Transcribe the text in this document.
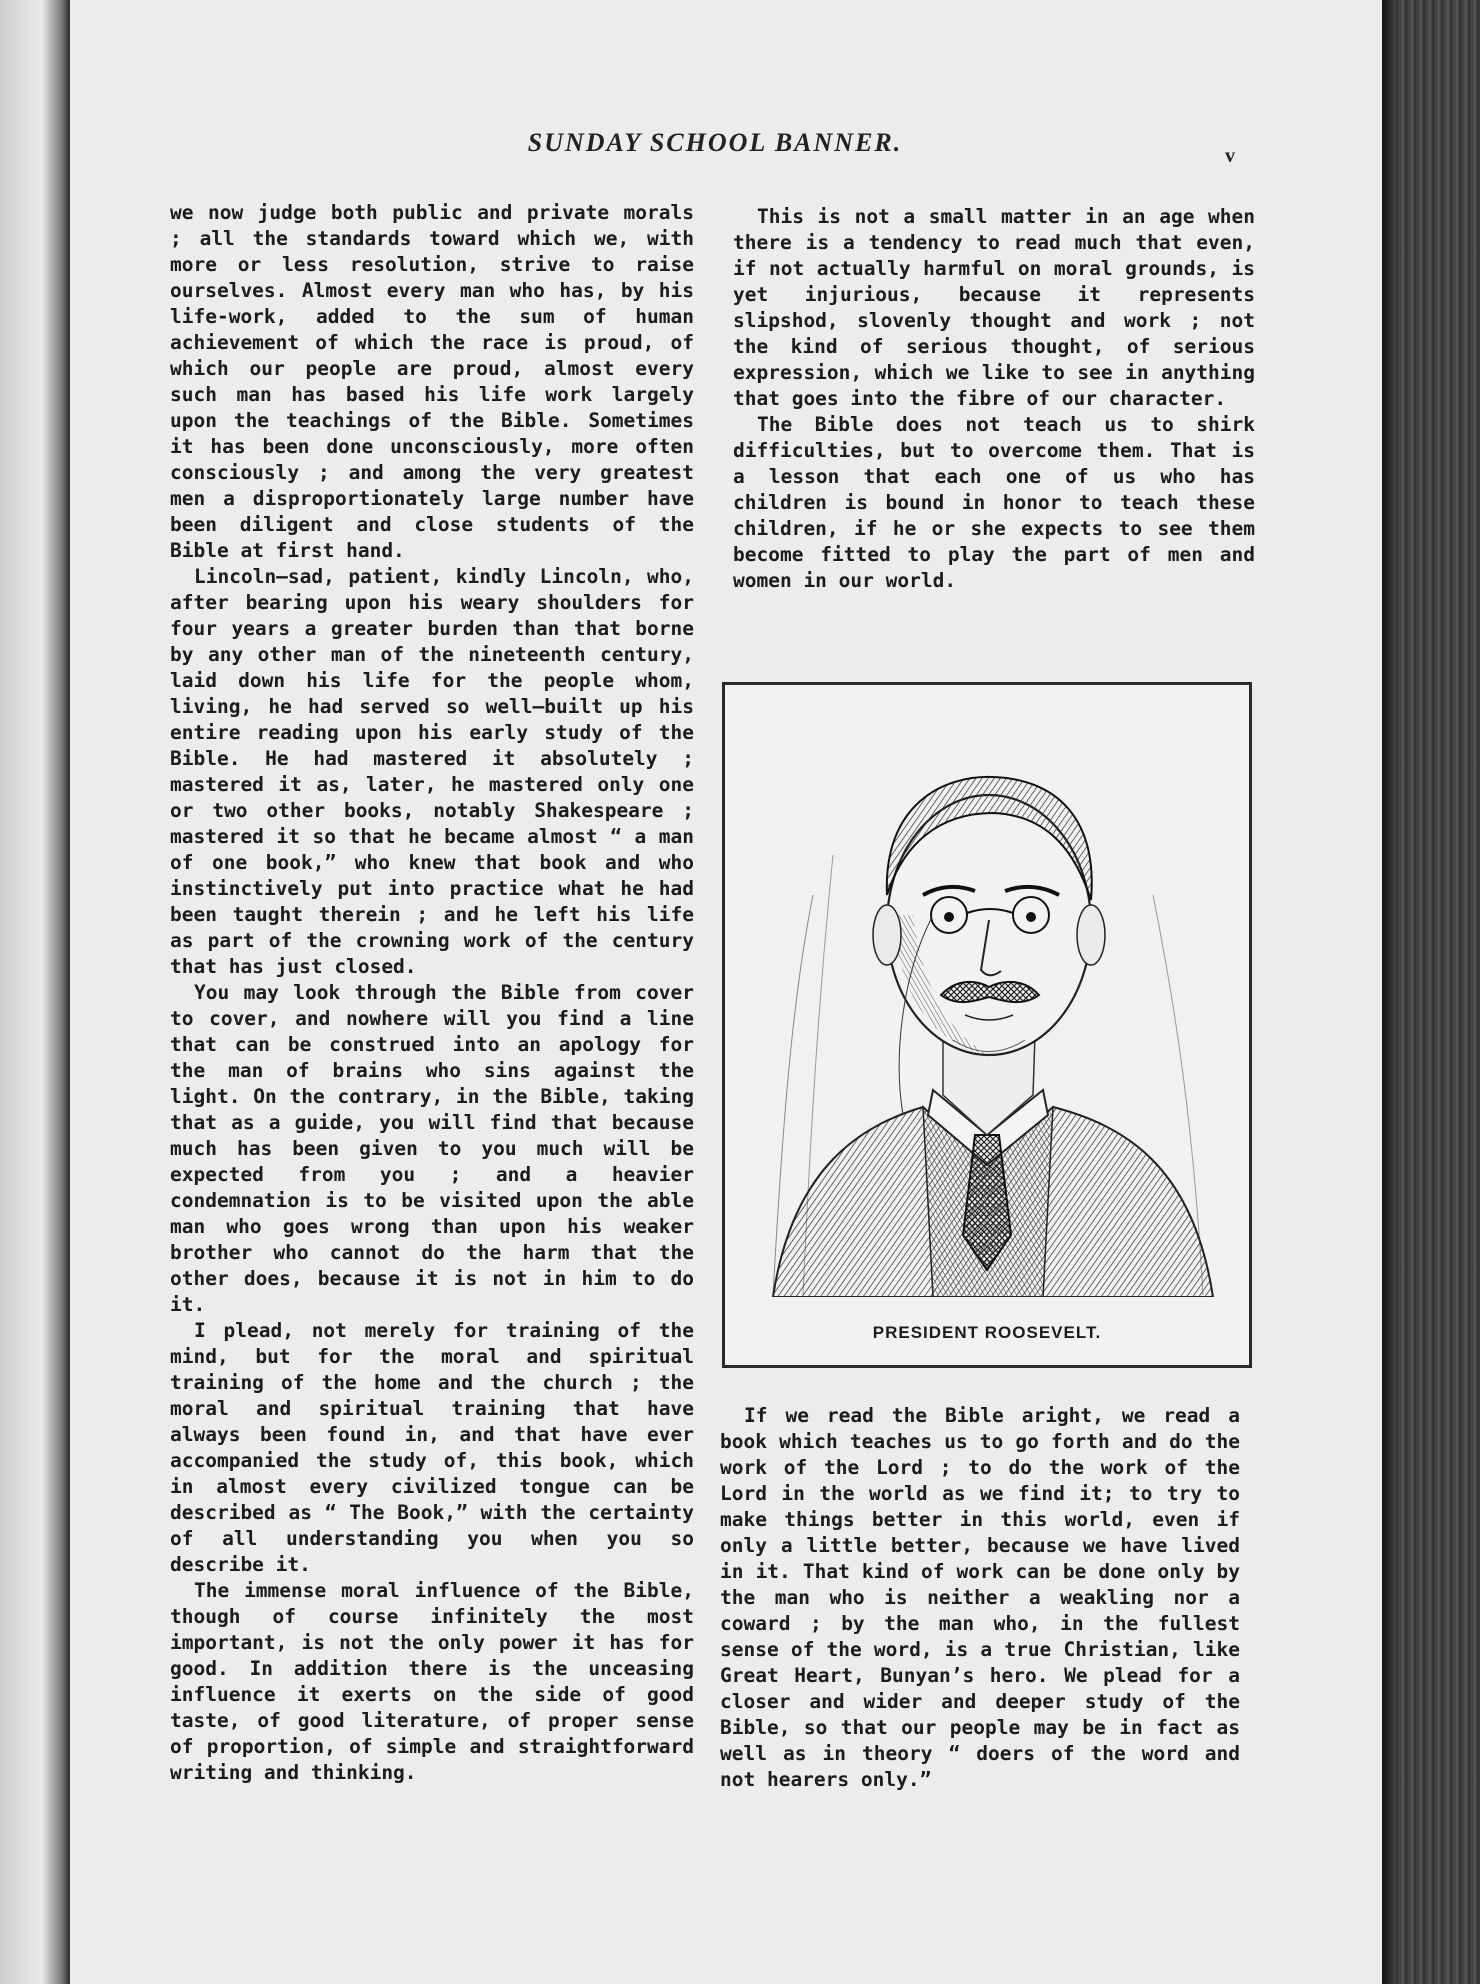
SUNDAY SCHOOL BANNER.	v

we now judge both public and private morals ; all the standards toward which we, with more or less resolution, strive to raise ourselves. Almost every man who has, by his life-work, added to the sum of human achievement of which the race is proud, of which our people are proud, almost every such man has based his life work largely upon the teachings of the Bible. Sometimes it has been done unconsciously, more often consciously ; and among the very greatest men a disproportionately large number have been diligent and close students of the Bible at first hand.

Lincoln—sad, patient, kindly Lincoln, who, after bearing upon his weary shoulders for four years a greater burden than that borne by any other man of the nineteenth century, laid down his life for the people whom, living, he had served so well—built up his entire reading upon his early study of the Bible. He had mastered it absolutely ; mastered it as, later, he mastered only one or two other books, notably Shakespeare ; mastered it so that he became almost “ a man of one book,” who knew that book and who instinctively put into practice what he had been taught therein ; and he left his life as part of the crowning work of the century that has just closed.

You may look through the Bible from cover to cover, and nowhere will you find a line that can be construed into an apology for the man of brains who sins against the light. On the contrary, in the Bible, taking that as a guide, you will find that because much has been given to you much will be expected from you ; and a heavier condemnation is to be visited upon the able man who goes wrong than upon his weaker brother who cannot do the harm that the other does, because it is not in him to do it.

I plead, not merely for training of the mind, but for the moral and spiritual training of the home and the church ; the moral and spiritual training that have always been found in, and that have ever accompanied the study of, this book, which in almost every civilized tongue can be described as “ The Book,” with the certainty of all understanding you when you so describe it.

The immense moral influence of the Bible, though of course infinitely the most important, is not the only power it has for good. In addition there is the unceasing influence it exerts on the side of good taste, of good literature, of proper sense of proportion, of simple and straightforward writing and thinking.

This is not a small matter in an age when there is a tendency to read much that even, if not actually harmful on moral grounds, is yet injurious, because it represents slipshod, slovenly thought and work ; not the kind of serious thought, of serious expression, which we like to see in anything that goes into the fibre of our character.

The Bible does not teach us to shirk difficulties, but to overcome them. That is a lesson that each one of us who has children is bound in honor to teach these children, if he or she expects to see them become fitted to play the part of men and women in our world.

PRESIDENT ROOSEVELT.

If we read the Bible aright, we read a book which teaches us to go forth and do the work of the Lord ; to do the work of the Lord in the world as we find it; to try to make things better in this world, even if only a little better, because we have lived in it. That kind of work can be done only by the man who is neither a weakling nor a coward ; by the man who, in the fullest sense of the word, is a true Christian, like Great Heart, Bunyan’s hero. We plead for a closer and wider and deeper study of the Bible, so that our people may be in fact as well as in theory “ doers of the word and not hearers only.”
